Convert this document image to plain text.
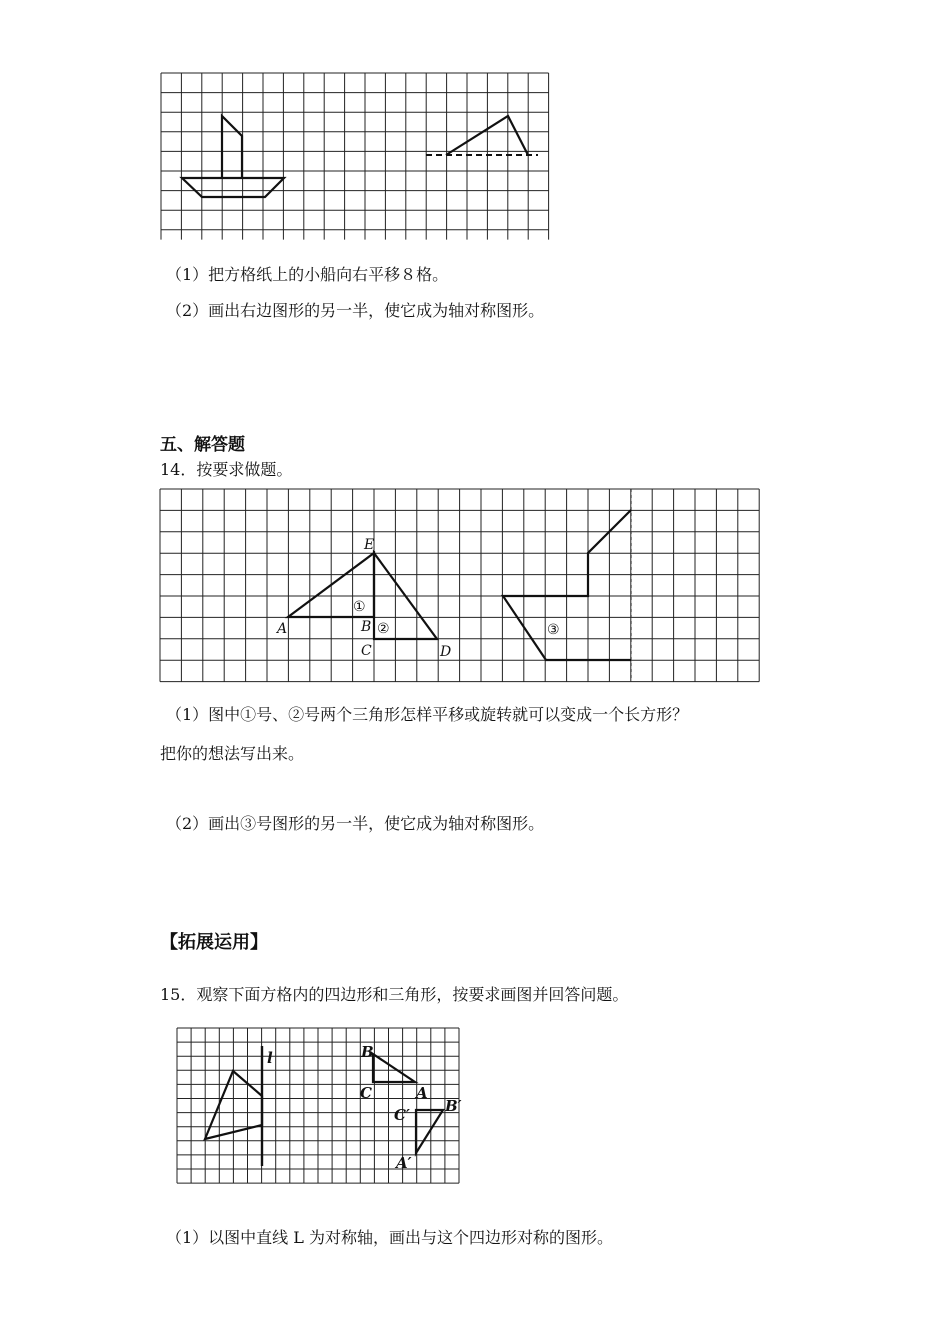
（1）把方格纸上的小船向右平移８格。
（2）画出右边图形的另一半，使它成为轴对称图形。
五、解答题
14．按要求做题。
E
A	B
C	D
①
②	③
（1）图中①号、②号两个三角形怎样平移或旋转就可以变成一个长方形？
把你的想法写出来。
（2）画出③号图形的另一半，使它成为轴对称图形。
【拓展运用】
15．观察下面方格内的四边形和三角形，按要求画图并回答问题。
l	B
C	A
C′ B′
A′
（1）以图中直线 L 为对称轴，画出与这个四边形对称的图形。
